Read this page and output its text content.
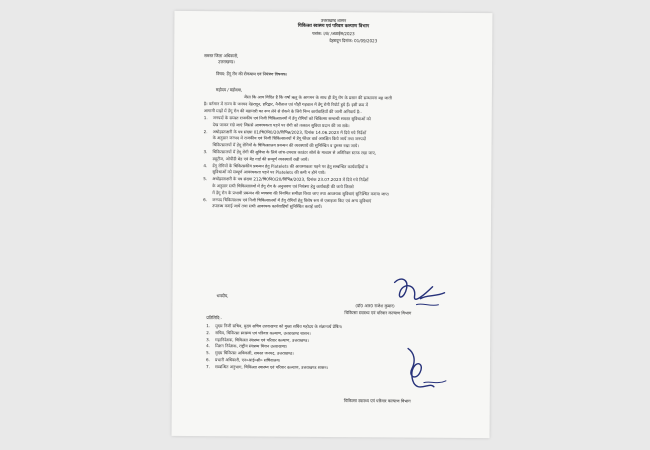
उत्तराखण्ड शासन
चिकित्सा स्वास्थ्य एवं परिवार कल्याण विभाग
पत्रांक: I/ll/ /अठाईस/2023
देहरादून दिनांक: 01/09/2023
समस्त जिला अधिकारी,
उत्तराखण्ड।
विषय: डेंगू रोग की रोकथाम एवं नियंत्रण विषयक।
महोदय / महोदया,

जैसा कि आप विदित है कि वर्षा ऋतु के आगमन के साथ ही डेंगू रोग के प्रसार की सम्भावना बढ़ जाती

है। वर्तमान में राज्य के जनपद देहरादून, हरिद्वार, नैनीताल एवं पौड़ी गढ़वाल में डेंगू रोगी रिपोर्ट हुये हैं। इसी क्रम में

आगामी माहों में डेंगू रोग की महामारी का रूप लेने से रोकने के लिये निम्न कार्यवाहियाँ की जानी अनिवार्य है:-

1.	जनपदों के समस्त राजकीय एवं निजी चिकित्सालयों में डेंगू रोगियों को चिकित्सा सम्बन्धी समस्त सुविधाओं को

देख जाकर रखे जाएं जिससे आवश्यकता पड़ने पर रोगी को तत्काल सुविधा प्रदान की जा सके।

2.	अधोहस्ताक्षरी के पत्र संख्या 01/चि0नि0/20/विभिन्न/2023, दिनांक 14.06.2023 में दिये गये निर्देशों

के अनुसार जनपद में राजकीय एवं निजी चिकित्सालयों में डेंगू फीवर वार्ड आरक्षित किये जायें तथा जनपदों

चिकित्सालयों में डेंगू रोगियों के चिकित्सालय प्रबन्धन की व्यवस्थायें की सुनिश्चित व दुरुस्त रखा जाये।

3.	चिकित्सालयों में डेंगू रोगी की सुविधा के लिये जांच-उपचार काउंटर सोर्स के माध्यम से अतिरिक्त स्टाफ रखा जाए,

ड्यूटीज, ओपीडी बेड एवं बेड गार्ड की सम्पूर्ण व्यवस्थायें रखी जायें।

4.	डेंगू रोगियों के चिकित्सकीय प्रबन्धन हेतु Platelets की आवश्यकता पड़ने पर हेतु सम्बन्धित कार्यवाहियों व

सुविधाओं को सम्पूर्ण आवश्यकता पड़ने पर Platelets की कमी न होने पाये।

5.	अधोहस्ताक्षरी के पत्र संख्या 212/चि0नि0/20/विभिन्न/2023, दिनांक 23.07.2023 में दिये गये निर्देशों

के अनुसार सभी चिकित्सालयों में डेंगू रोग के अनुश्रवण एवं नियंत्रण हेतु कार्यवाही की जाये जिससे

में डेंगू रोग के प्रभावी प्रबन्धन की व्यवस्था की नियमित समीक्षा किया जाए तथा आवश्यक सुविधाएं सुनिश्चित कराया जाए।

6.	जनपद चिकित्सालय एवं निजी चिकित्सालयों में डेंगू रोगियों हेतु विशेष रूप से एलाइजा किट एवं अन्य सुविधाएं

उपलब्ध कराई जायें तथा सभी आवश्यक कार्यवाहियों सुनिश्चित कराई जायें।

भवदीय,
(डॉ0 आर0 राजेश कुमार)
चिकित्सा स्वास्थ्य एवं परिवार कल्याण विभाग
प्रतिलिपि:-
1.	मुख्य निजी सचिव, मुख्य सचिव उत्तराखण्ड को मुख्य सचिव महोदय के संज्ञानार्थ प्रेषित।
2.	सचिव, चिकित्सा स्वास्थ्य एवं परिवार कल्याण, उत्तराखण्ड शासन।
3.	महानिदेशक, चिकित्सा स्वास्थ्य एवं परिवार कल्याण, उत्तराखण्ड।
4.	मिशन निदेशक, राष्ट्रीय स्वास्थ्य मिशन उत्तराखण्ड।
5.	मुख्य चिकित्सा अधिकारी, समस्त जनपद, उत्तराखण्ड।
6.	प्रभारी अधिकारी, एन०आई०सी० सचिवालय।
7.	सम्बन्धित अनुभाग, चिकित्सा स्वास्थ्य एवं परिवार कल्याण, उत्तराखण्ड शासन।
चिकित्सा स्वास्थ्य एवं परिवार कल्याण विभाग
